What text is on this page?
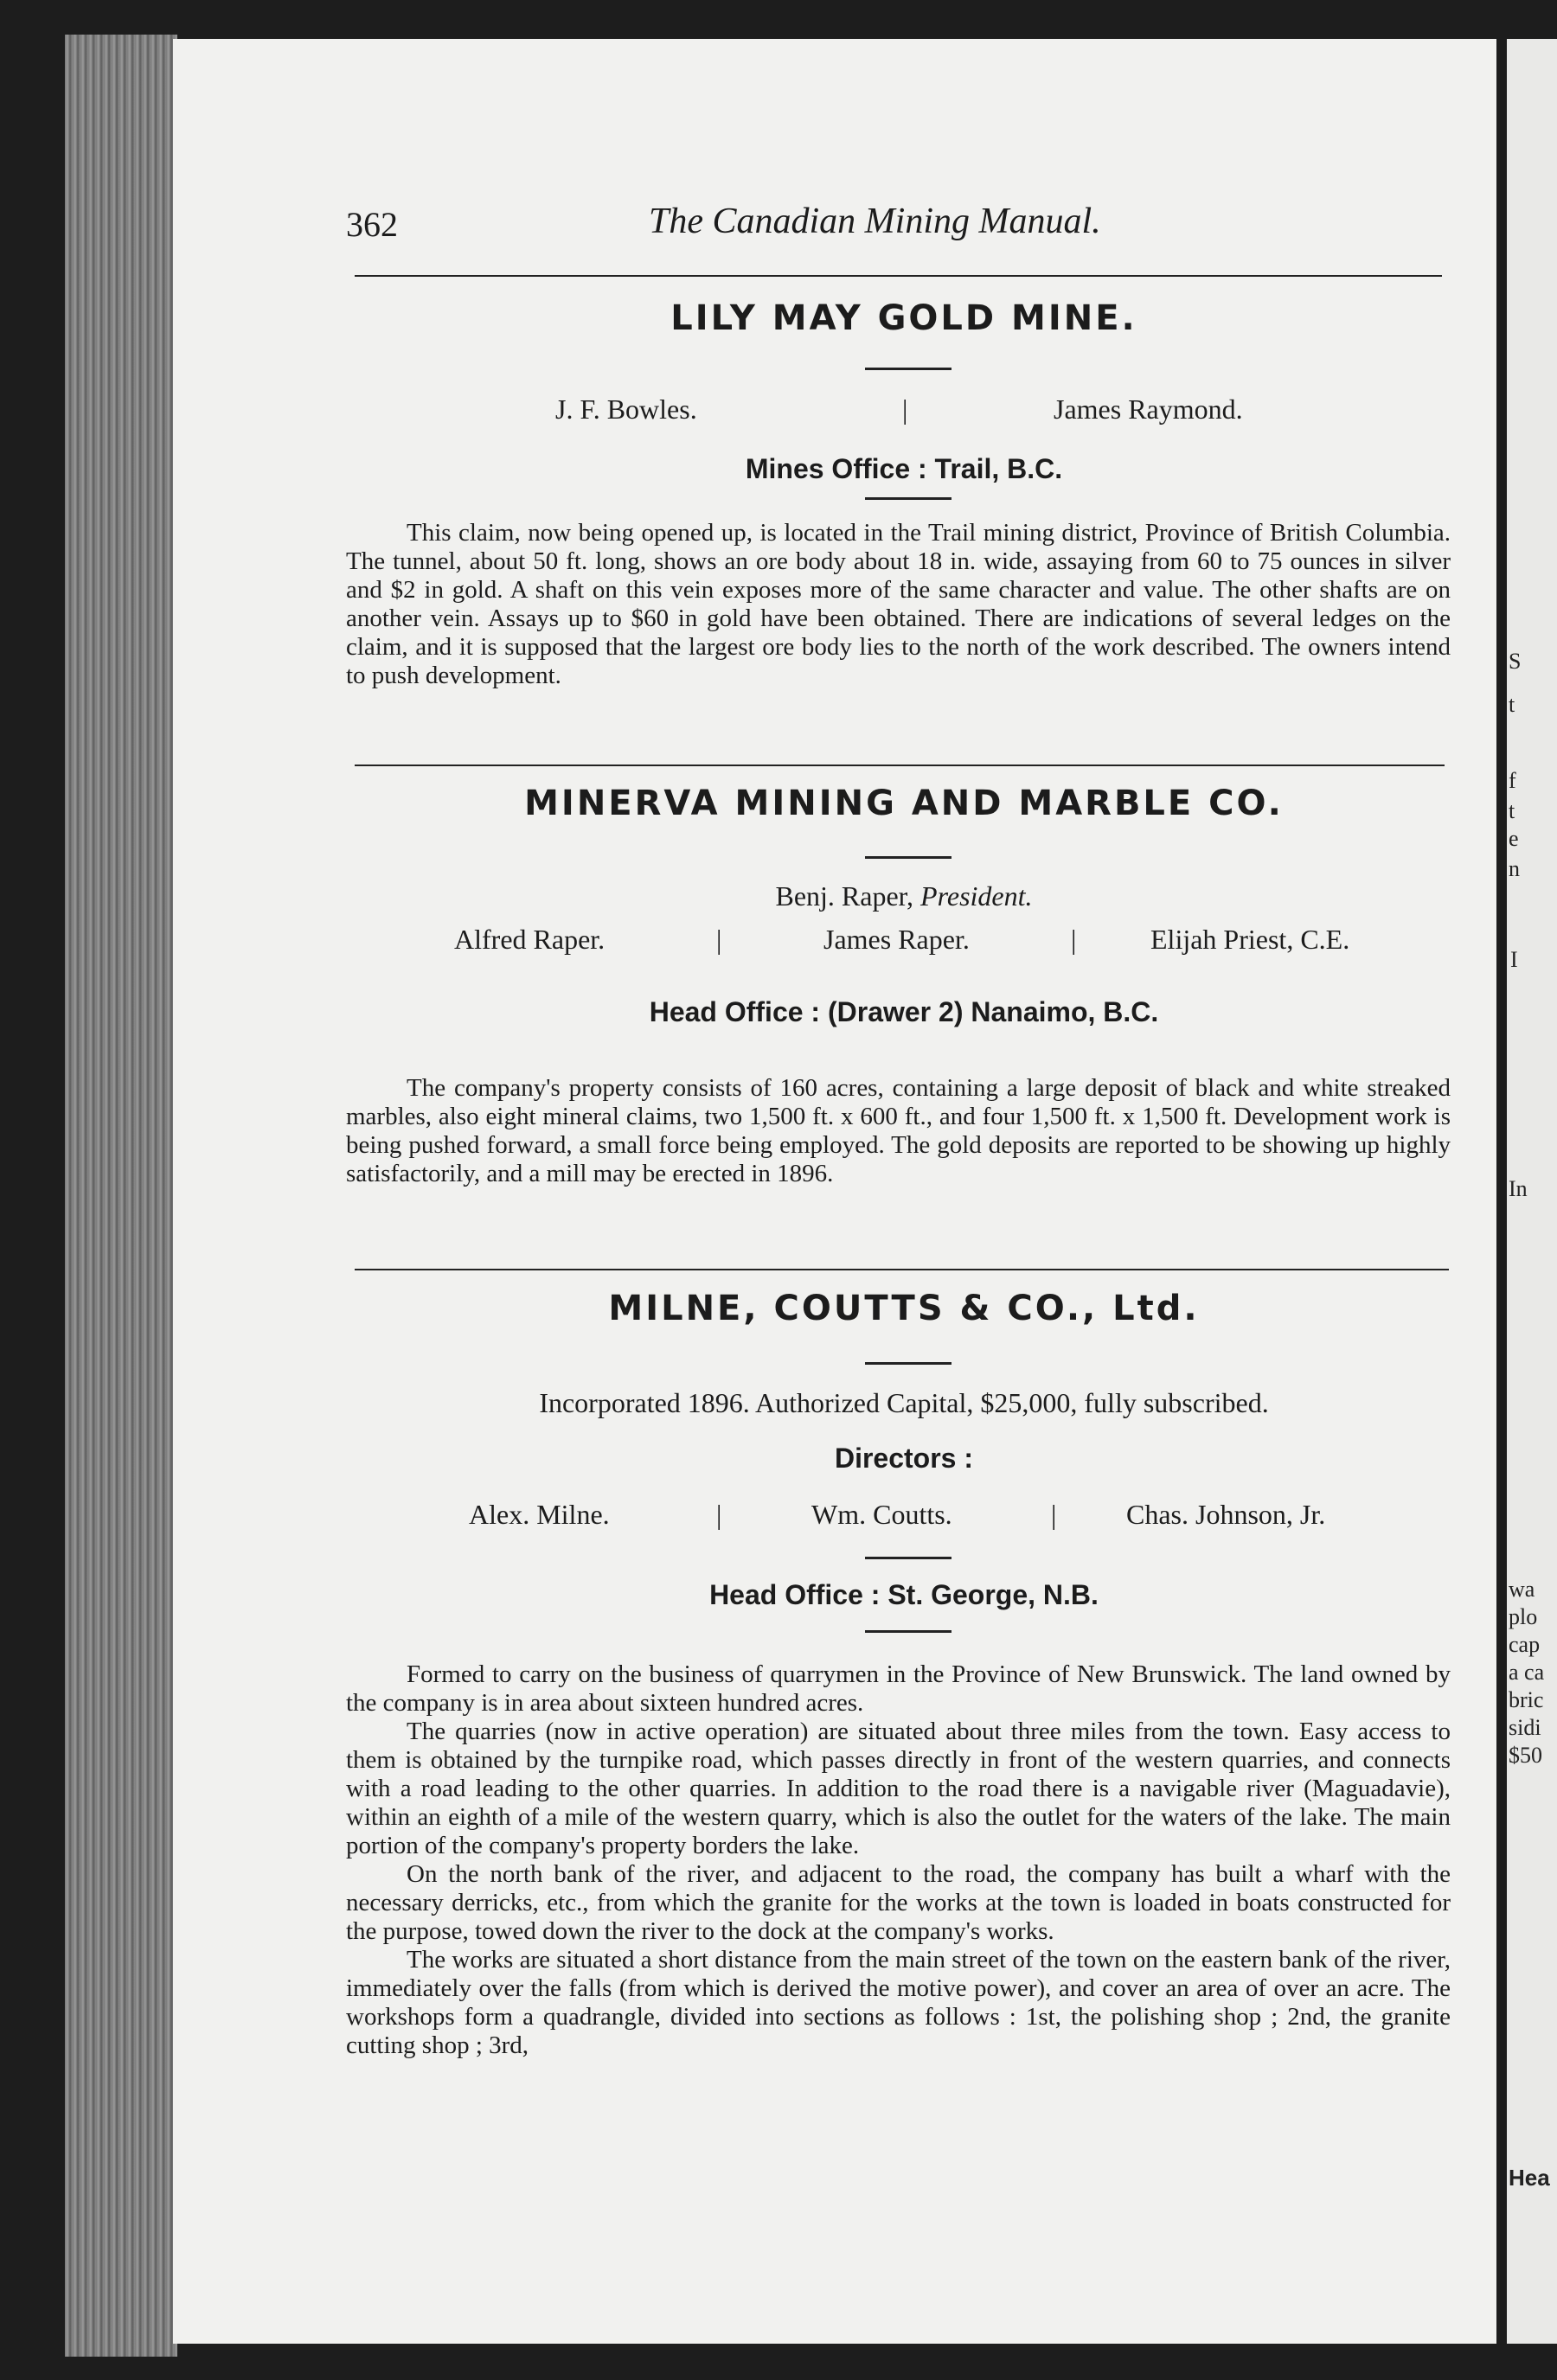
S
t
f
t
e
n
I
In
wa
plo
cap
a ca
bric
sidi
$50
Hea
362	The Canadian Mining Manual.
LILY MAY GOLD MINE.
J. F. Bowles.	|	James Raymond.
Mines Office : Trail, B.C.

This claim, now being opened up, is located in the Trail mining district, Province of British Columbia. The tunnel, about 50 ft. long, shows an ore body about 18 in. wide, assaying from 60 to 75 ounces in silver and $2 in gold. A shaft on this vein exposes more of the same character and value. The other shafts are on another vein. Assays up to $60 in gold have been obtained. There are indications of several ledges on the claim, and it is supposed that the largest ore body lies to the north of the work described. The owners intend to push development.

MINERVA MINING AND MARBLE CO.
Benj. Raper, President.
Alfred Raper.	|	James Raper.	|	Elijah Priest, C.E.
Head Office : (Drawer 2) Nanaimo, B.C.

The company's property consists of 160 acres, containing a large deposit of black and white streaked marbles, also eight mineral claims, two 1,500 ft. x 600 ft., and four 1,500 ft. x 1,500 ft. Development work is being pushed forward, a small force being employed. The gold deposits are reported to be showing up highly satisfactorily, and a mill may be erected in 1896.

MILNE, COUTTS & CO., Ltd.
Incorporated 1896. Authorized Capital, $25,000, fully subscribed.
Directors :
Alex. Milne.	|	Wm. Coutts.	|	Chas. Johnson, Jr.
Head Office : St. George, N.B.

Formed to carry on the business of quarrymen in the Province of New Brunswick. The land owned by the company is in area about sixteen hundred acres.

The quarries (now in active operation) are situated about three miles from the town. Easy access to them is obtained by the turnpike road, which passes directly in front of the western quarries, and connects with a road leading to the other quarries. In addition to the road there is a navigable river (Maguadavie), within an eighth of a mile of the western quarry, which is also the outlet for the waters of the lake. The main portion of the company's property borders the lake.

On the north bank of the river, and adjacent to the road, the company has built a wharf with the necessary derricks, etc., from which the granite for the works at the town is loaded in boats constructed for the purpose, towed down the river to the dock at the company's works.

The works are situated a short distance from the main street of the town on the eastern bank of the river, immediately over the falls (from which is derived the motive power), and cover an area of over an acre. The workshops form a quadrangle, divided into sections as follows : 1st, the polishing shop ; 2nd, the granite cutting shop ; 3rd,
